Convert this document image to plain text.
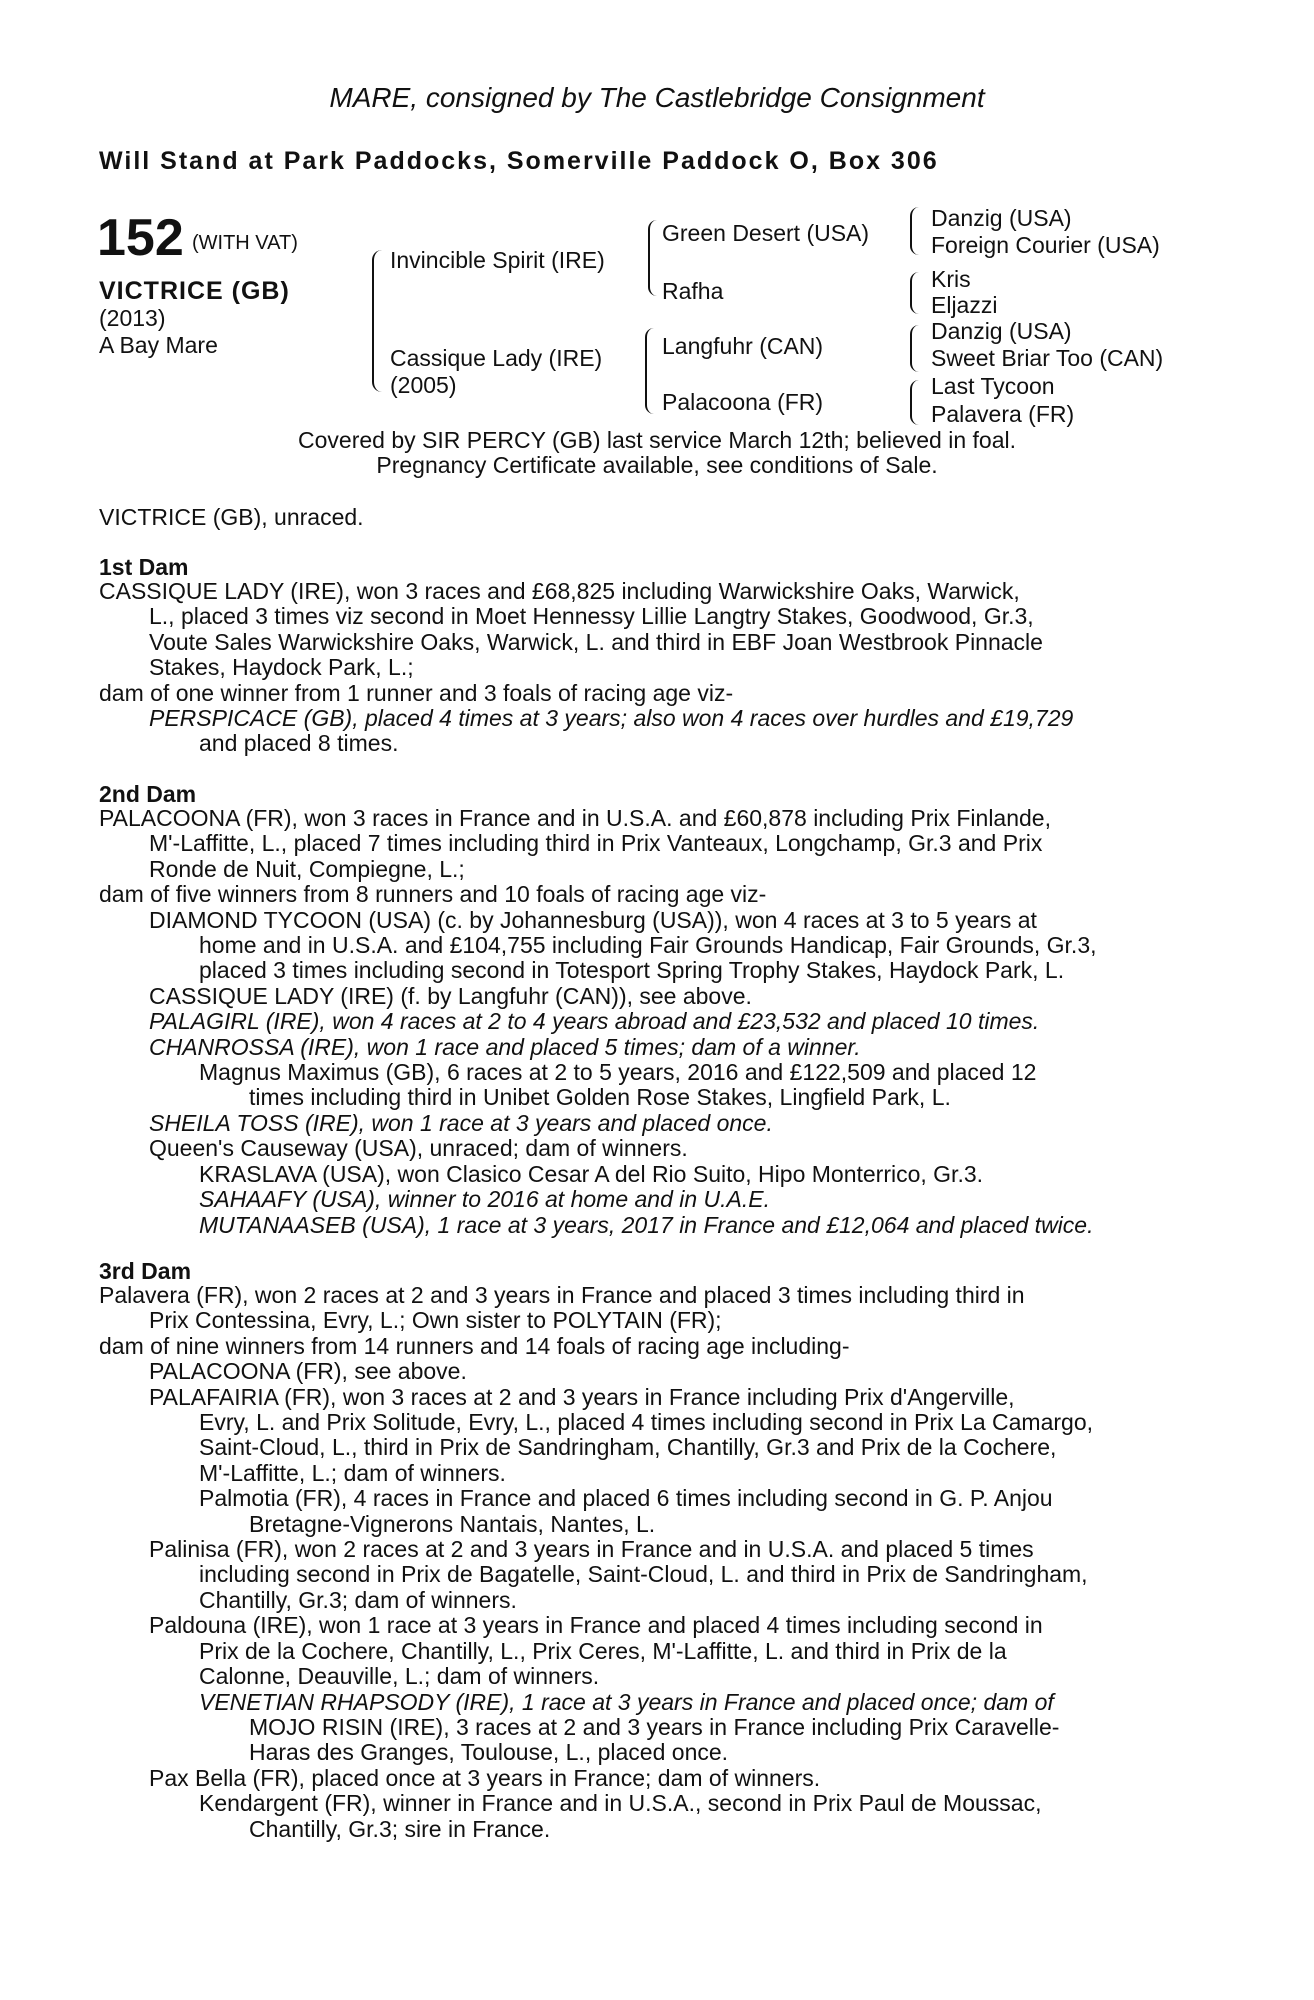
MARE, consigned by The Castlebridge Consignment
Will Stand at Park Paddocks, Somerville Paddock O, Box 306
152 (WITH VAT)
VICTRICE (GB)
(2013)
A Bay Mare
Invincible Spirit (IRE)
Cassique Lady (IRE)
(2005)
Green Desert (USA)
Rafha
Langfuhr (CAN)
Palacoona (FR)
Danzig (USA)
Foreign Courier (USA)
Kris
Eljazzi
Danzig (USA)
Sweet Briar Too (CAN)
Last Tycoon
Palavera (FR)
Covered by SIR PERCY (GB) last service March 12th; believed in foal.
Pregnancy Certificate available, see conditions of Sale.
VICTRICE (GB), unraced.
1st Dam
CASSIQUE LADY (IRE), won 3 races and £68,825 including Warwickshire Oaks, Warwick,
L., placed 3 times viz second in Moet Hennessy Lillie Langtry Stakes, Goodwood, Gr.3,
Voute Sales Warwickshire Oaks, Warwick, L. and third in EBF Joan Westbrook Pinnacle
Stakes, Haydock Park, L.;
dam of one winner from 1 runner and 3 foals of racing age viz-
PERSPICACE (GB), placed 4 times at 3 years; also won 4 races over hurdles and £19,729
and placed 8 times.
2nd Dam
PALACOONA (FR), won 3 races in France and in U.S.A. and £60,878 including Prix Finlande,
M'-Laffitte, L., placed 7 times including third in Prix Vanteaux, Longchamp, Gr.3 and Prix
Ronde de Nuit, Compiegne, L.;
dam of five winners from 8 runners and 10 foals of racing age viz-
DIAMOND TYCOON (USA) (c. by Johannesburg (USA)), won 4 races at 3 to 5 years at
home and in U.S.A. and £104,755 including Fair Grounds Handicap, Fair Grounds, Gr.3,
placed 3 times including second in Totesport Spring Trophy Stakes, Haydock Park, L.
CASSIQUE LADY (IRE) (f. by Langfuhr (CAN)), see above.
PALAGIRL (IRE), won 4 races at 2 to 4 years abroad and £23,532 and placed 10 times.
CHANROSSA (IRE), won 1 race and placed 5 times; dam of a winner.
Magnus Maximus (GB), 6 races at 2 to 5 years, 2016 and £122,509 and placed 12
times including third in Unibet Golden Rose Stakes, Lingfield Park, L.
SHEILA TOSS (IRE), won 1 race at 3 years and placed once.
Queen's Causeway (USA), unraced; dam of winners.
KRASLAVA (USA), won Clasico Cesar A del Rio Suito, Hipo Monterrico, Gr.3.
SAHAAFY (USA), winner to 2016 at home and in U.A.E.
MUTANAASEB (USA), 1 race at 3 years, 2017 in France and £12,064 and placed twice.
3rd Dam
Palavera (FR), won 2 races at 2 and 3 years in France and placed 3 times including third in
Prix Contessina, Evry, L.; Own sister to POLYTAIN (FR);
dam of nine winners from 14 runners and 14 foals of racing age including-
PALACOONA (FR), see above.
PALAFAIRIA (FR), won 3 races at 2 and 3 years in France including Prix d'Angerville,
Evry, L. and Prix Solitude, Evry, L., placed 4 times including second in Prix La Camargo,
Saint-Cloud, L., third in Prix de Sandringham, Chantilly, Gr.3 and Prix de la Cochere,
M'-Laffitte, L.; dam of winners.
Palmotia (FR), 4 races in France and placed 6 times including second in G. P. Anjou
Bretagne-Vignerons Nantais, Nantes, L.
Palinisa (FR), won 2 races at 2 and 3 years in France and in U.S.A. and placed 5 times
including second in Prix de Bagatelle, Saint-Cloud, L. and third in Prix de Sandringham,
Chantilly, Gr.3; dam of winners.
Paldouna (IRE), won 1 race at 3 years in France and placed 4 times including second in
Prix de la Cochere, Chantilly, L., Prix Ceres, M'-Laffitte, L. and third in Prix de la
Calonne, Deauville, L.; dam of winners.
VENETIAN RHAPSODY (IRE), 1 race at 3 years in France and placed once; dam of
MOJO RISIN (IRE), 3 races at 2 and 3 years in France including Prix Caravelle-
Haras des Granges, Toulouse, L., placed once.
Pax Bella (FR), placed once at 3 years in France; dam of winners.
Kendargent (FR), winner in France and in U.S.A., second in Prix Paul de Moussac,
Chantilly, Gr.3; sire in France.
